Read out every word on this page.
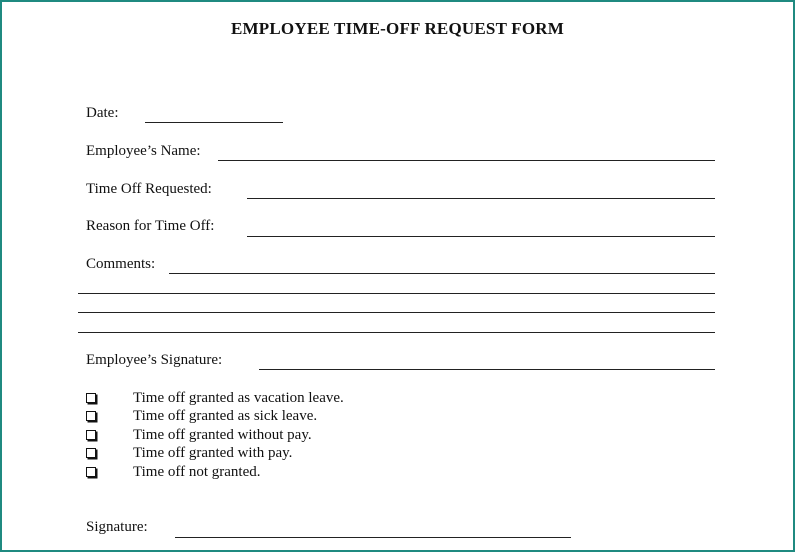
EMPLOYEE TIME-OFF REQUEST FORM
Date:
Employee’s Name:
Time Off Requested:
Reason for Time Off:
Comments:
Employee’s Signature:
Time off granted as vacation leave.
Time off granted as sick leave.
Time off granted without pay.
Time off granted with pay.
Time off not granted.
Signature:
